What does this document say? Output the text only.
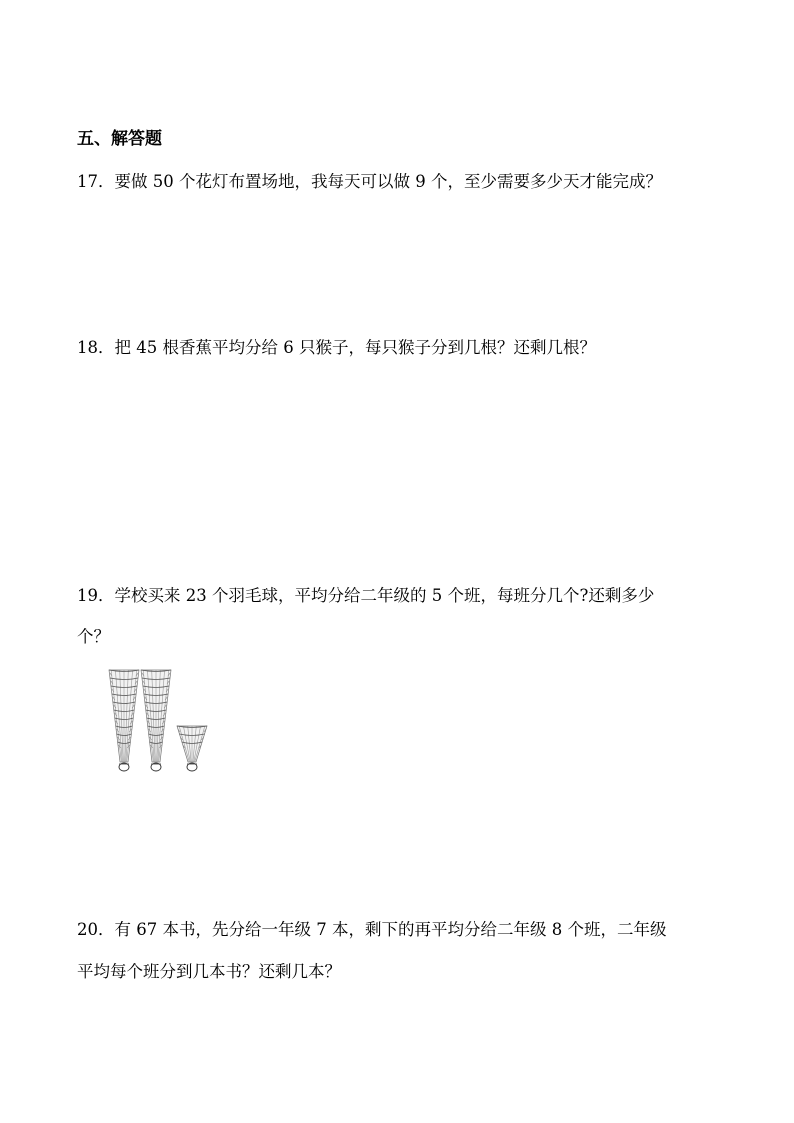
五、解答题
17．要做 50 个花灯布置场地，我每天可以做 9 个，至少需要多少天才能完成？
18．把 45 根香蕉平均分给 6 只猴子，每只猴子分到几根？还剩几根？
19．学校买来 23 个羽毛球，平均分给二年级的 5 个班，每班分几个?还剩多少
个？
20．有 67 本书，先分给一年级 7 本，剩下的再平均分给二年级 8 个班，二年级
平均每个班分到几本书？还剩几本？
